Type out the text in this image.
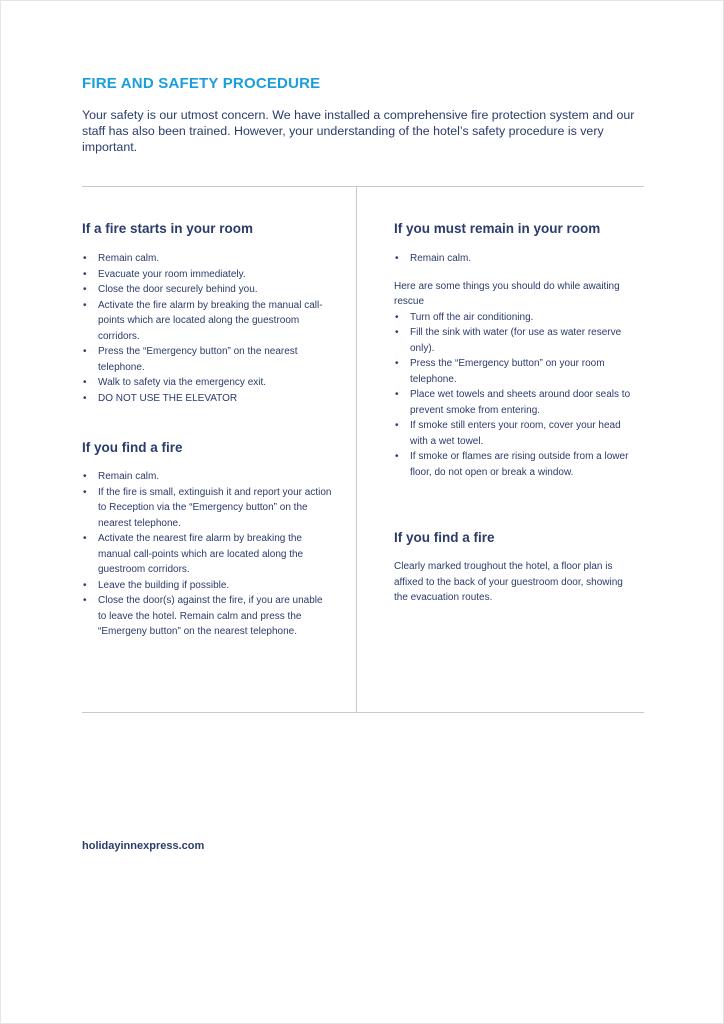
FIRE AND SAFETY PROCEDURE
Your safety is our utmost concern. We have installed a comprehensive fire protection system and our staff has also been trained. However, your understanding of the hotel’s safety procedure is very important.
If a fire starts in your room
• Remain calm.
• Evacuate your room immediately.
• Close the door securely behind you.
• Activate the fire alarm by breaking the manual call-points which are located along the guestroom corridors.
• Press the “Emergency button” on the nearest telephone.
• Walk to safety via the emergency exit.
• DO NOT USE THE ELEVATOR
If you find a fire
• Remain calm.
• If the fire is small, extinguish it and report your action to Reception via the “Emergency button” on the nearest telephone.
• Activate the nearest fire alarm by breaking the manual call-points which are located along the guestroom corridors.
• Leave the building if possible.
• Close the door(s) against the fire, if you are unable to leave the hotel. Remain calm and press the “Emergeny button” on the nearest telephone.
If you must remain in your room
• Remain calm.

Here are some things you should do while awaiting rescue

• Turn off the air conditioning.
• Fill the sink with water (for use as water reserve only).
• Press the “Emergency button” on your room telephone.
• Place wet towels and sheets around door seals to prevent smoke from entering.
• If smoke still enters your room, cover your head with a wet towel.
• If smoke or flames are rising outside from a lower floor, do not open or break a window.
If you find a fire

Clearly marked troughout the hotel, a floor plan is affixed to the back of your guestroom door, showing the evacuation routes.

holidayinnexpress.com
